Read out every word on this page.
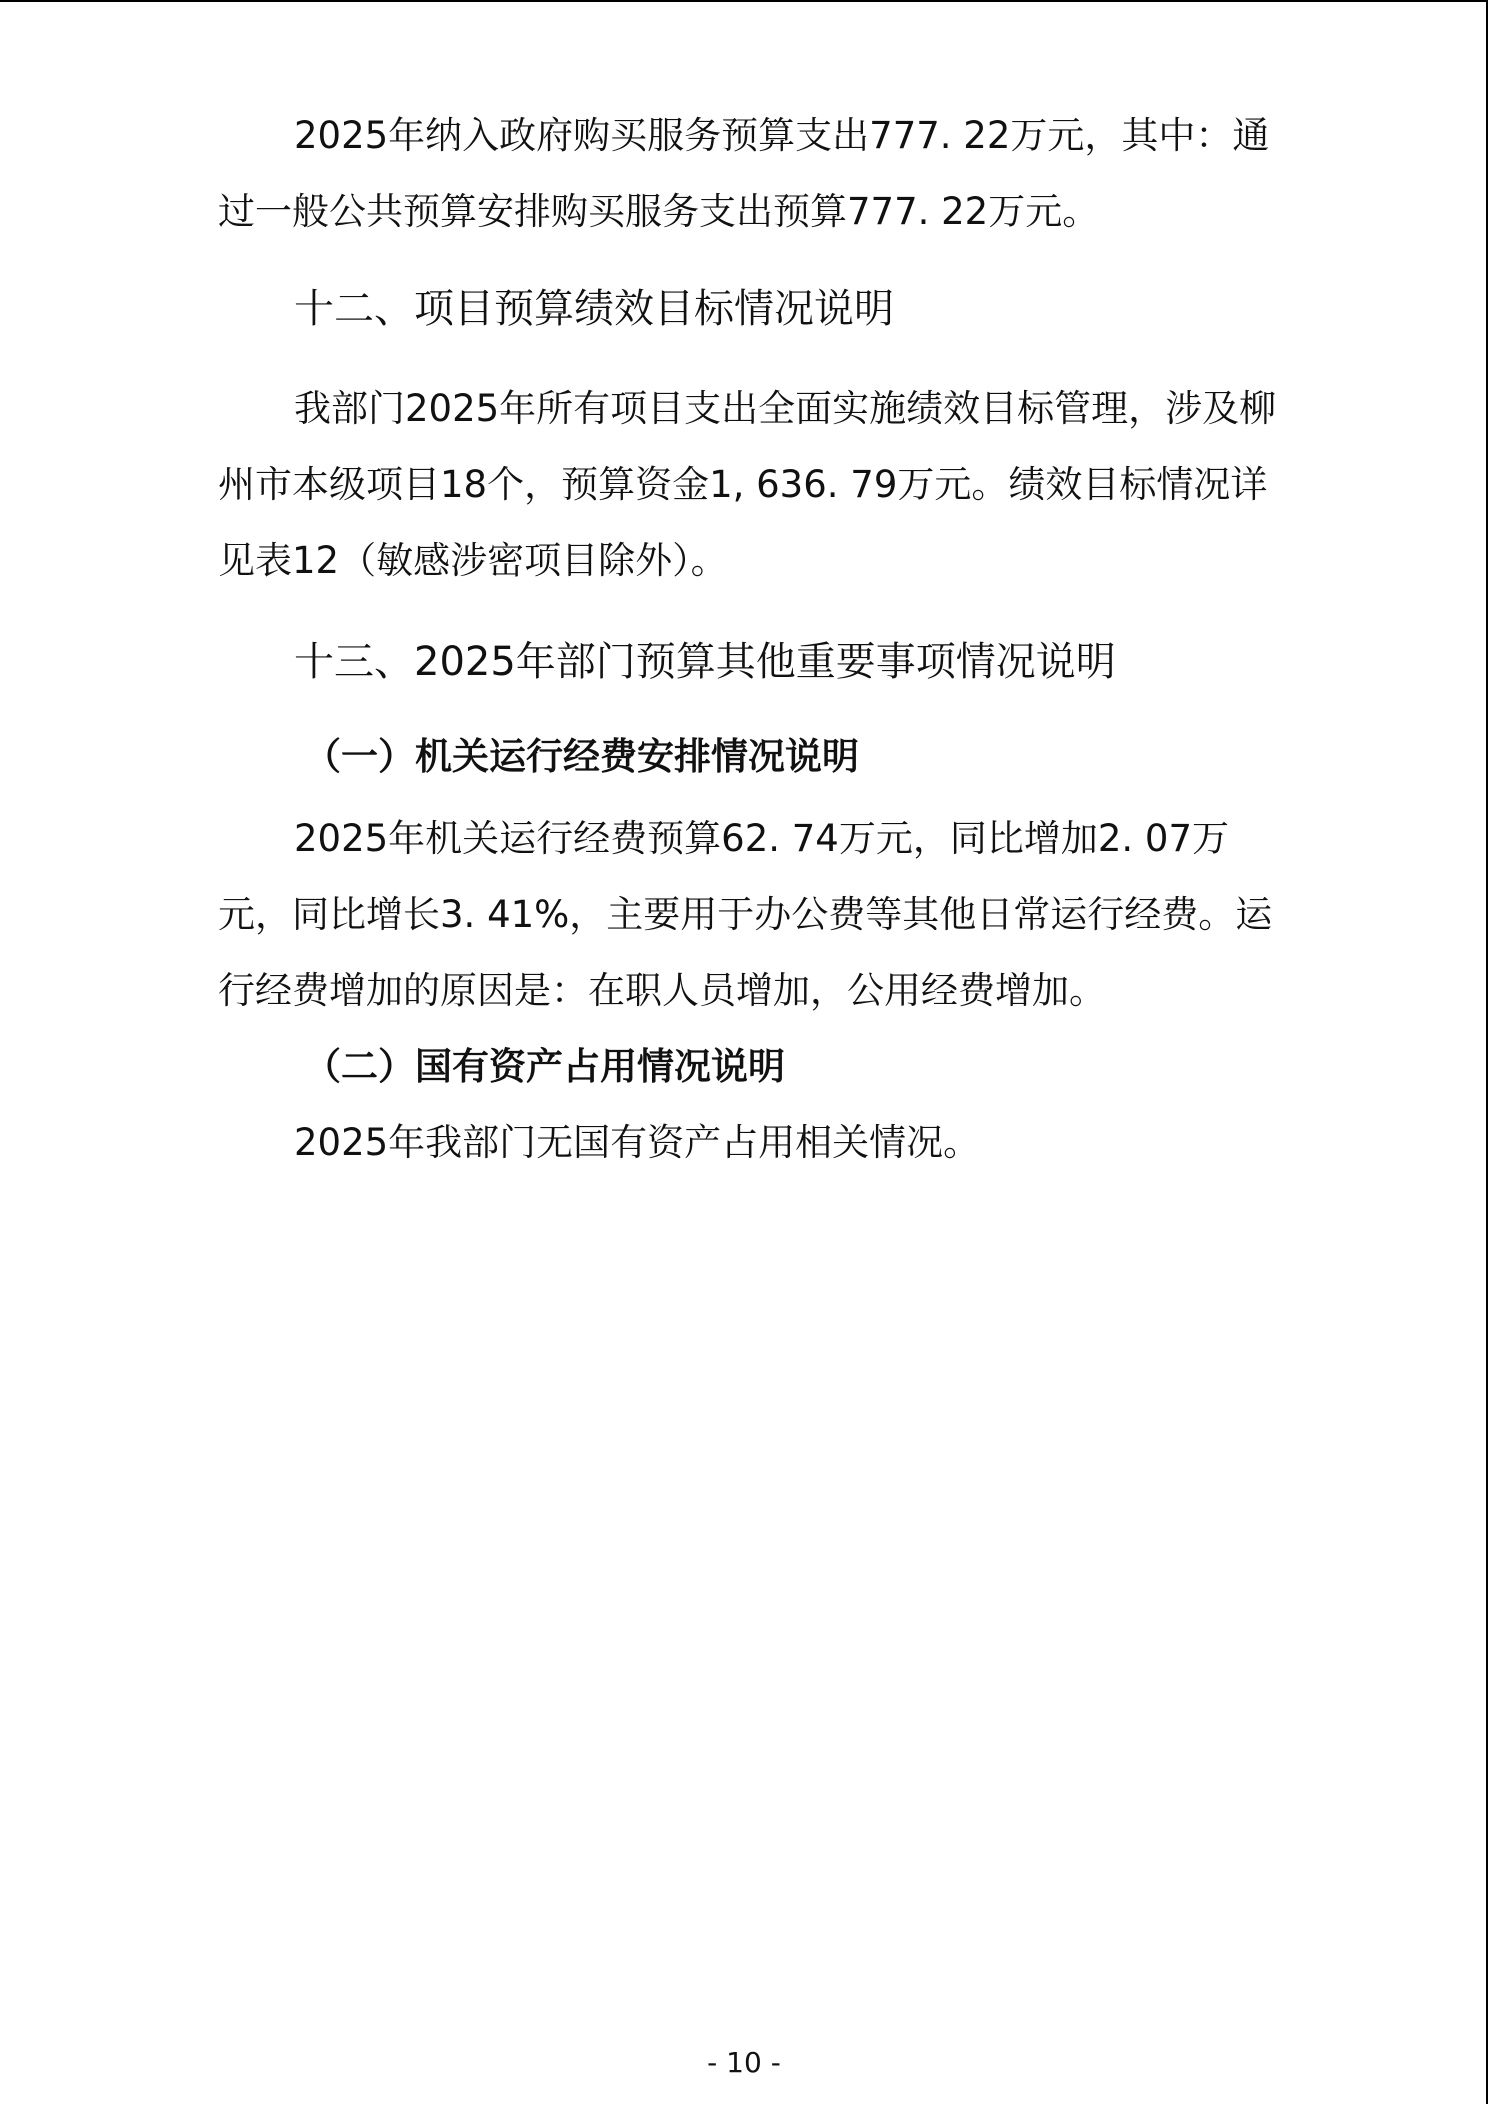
2025年纳入政府购买服务预算支出777. 22万元，其中：通过一般公共预算安排购买服务支出预算777. 22万元。

十二、项目预算绩效目标情况说明

我部门2025年所有项目支出全面实施绩效目标管理，涉及柳州市本级项目18个，预算资金1, 636. 79万元。绩效目标情况详见表12（敏感涉密项目除外）。

十三、2025年部门预算其他重要事项情况说明
（一）机关运行经费安排情况说明

2025年机关运行经费预算62. 74万元，同比增加2. 07万元，同比增长3. 41%，主要用于办公费等其他日常运行经费。运行经费增加的原因是：在职人员增加，公用经费增加。

（二）国有资产占用情况说明

2025年我部门无国有资产占用相关情况。

- 10 -
